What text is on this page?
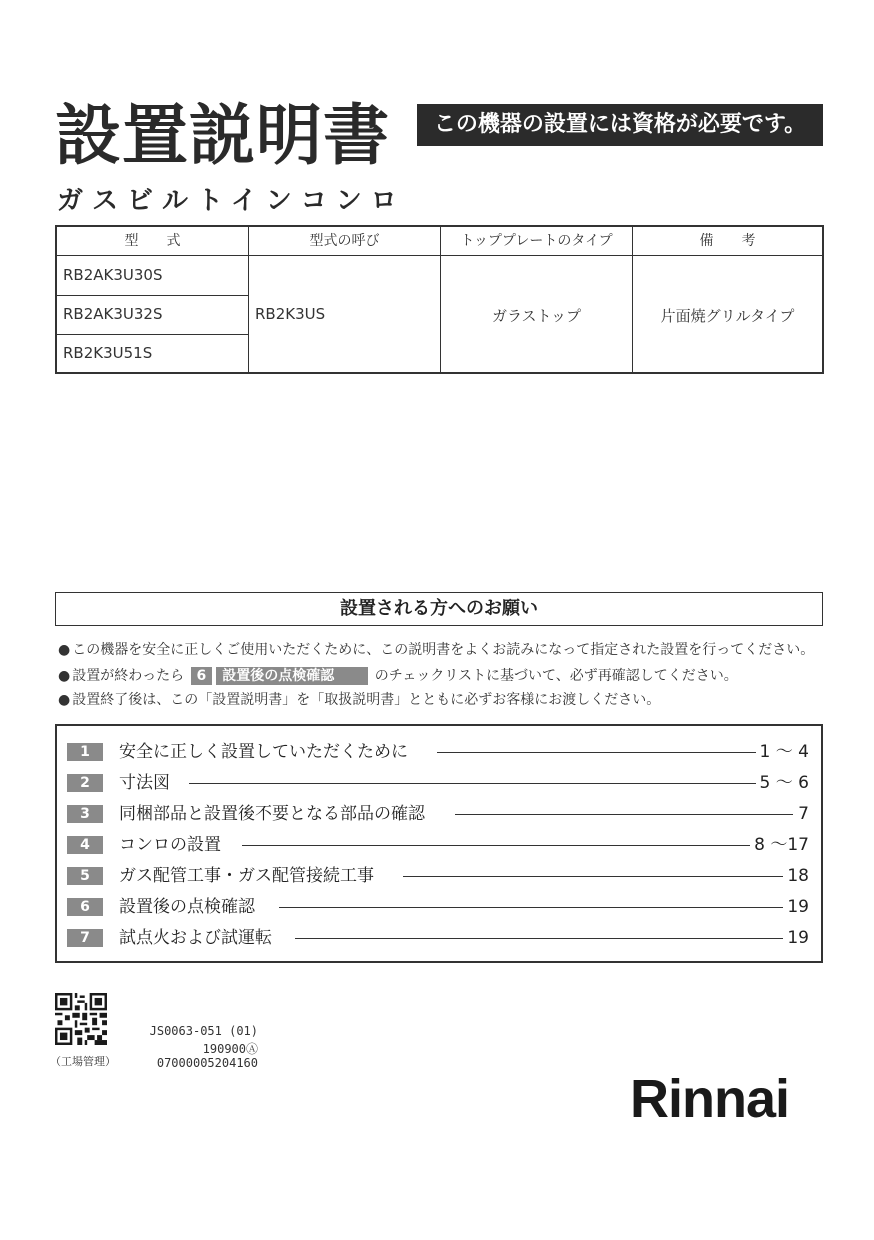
設置説明書	この機器の設置には資格が必要です。
ガスビルトインコンロ
型　　式	型式の呼び	トッププレートのタイプ	備　　考
RB2AK3U30S
RB2AK3U32S
RB2K3U51S
RB2K3US	ガラストップ	片面焼グリルタイプ
設置される方へのお願い
● この機器を安全に正しくご使用いただくために、この説明書をよくお読みになって指定された設置を行ってください。
● 設置が終わったら 6 設置後の点検確認	のチェックリストに基づいて、必ず再確認してください。
● 設置終了後は、この「設置説明書」を「取扱説明書」とともに必ずお客様にお渡しください。
1	安全に正しく設置していただくために	1 ～ 4
2	寸法図	5 ～ 6
3	同梱部品と設置後不要となる部品の確認	7
4	コンロの設置	8 ～17
5	ガス配管工事・ガス配管接続工事	18
6	設置後の点検確認	19
7	試点火および試運転	19
（工場管理）
JS0063-051 (01)
190900Ⓐ
07000005204160
Rinnai
